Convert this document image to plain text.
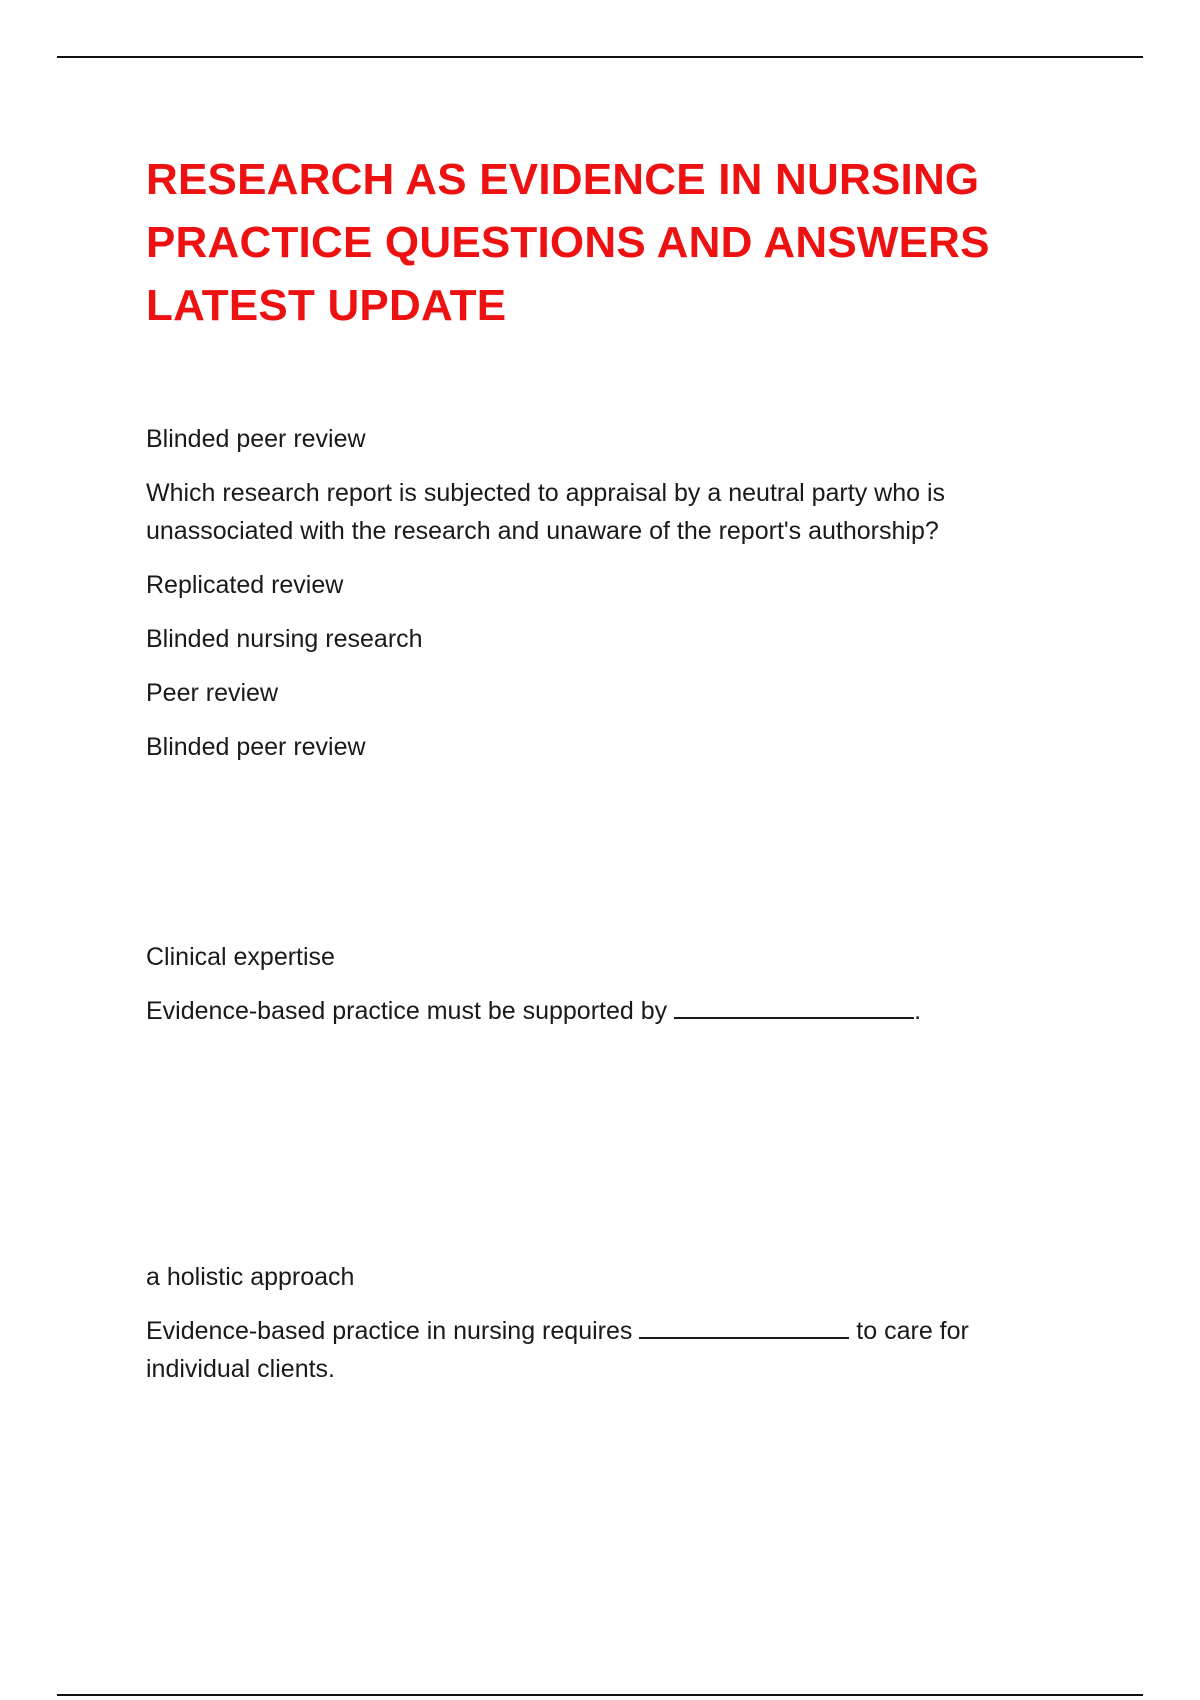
RESEARCH AS EVIDENCE IN NURSING
PRACTICE QUESTIONS AND ANSWERS
LATEST UPDATE

Blinded peer review

Which research report is subjected to appraisal by a neutral party who is unassociated with the research and unaware of the report's authorship?

Replicated review

Blinded nursing research

Peer review

Blinded peer review

Clinical expertise

Evidence-based practice must be supported by	.

a holistic approach

Evidence-based practice in nursing requires	to care for individual clients.
